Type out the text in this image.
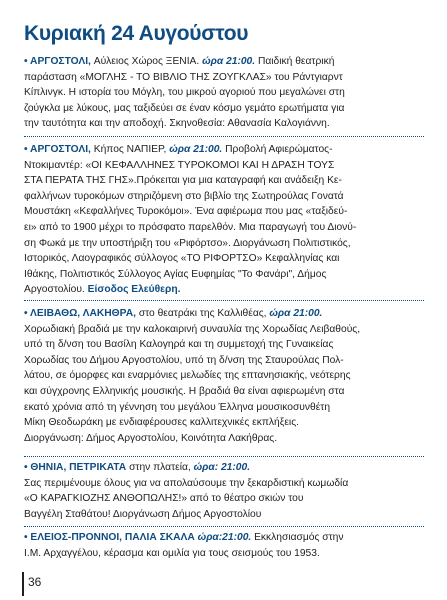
Κυριακή 24 Αυγούστου
• ΑΡΓΟΣΤΟΛΙ, Αύλειος Χώρος ΞΕΝΙΑ. ώρα 21:00. Παιδική θεατρική
παράσταση «ΜΟΓΛΗΣ - ΤΟ ΒΙΒΛΙΟ ΤΗΣ ΖΟΥΓΚΛΑΣ» του Ράντγιαρντ
Κίπλινγκ. Η ιστορία του Μόγλη, του μικρού αγοριού που μεγαλώνει στη
ζούγκλα με λύκους, μας ταξιδεύει σε έναν κόσμο γεμάτο ερωτήματα για
την ταυτότητα και την αποδοχή. Σκηνοθεσία: Αθανασία Καλογιάννη.
• ΑΡΓΟΣΤΟΛΙ, Κήπος ΝΑΠΙΕΡ, ώρα 21:00. Προβολή Αφιερώματος-
Ντοκιμαντέρ: «ΟΙ ΚΕΦΑΛΛΗΝΕΣ ΤΥΡΟΚΟΜΟΙ ΚΑΙ Η ΔΡΑΣΗ ΤΟΥΣ
ΣΤΑ ΠΕΡΑΤΑ ΤΗΣ ΓΗΣ».Πρόκειται για μια καταγραφή και ανάδειξη Κε-
φαλλήνων τυροκόμων στηριζόμενη στο βιβλίο της Σωτηρούλας Γονατά
Μουστάκη «Κεφαλλήνες Τυροκόμοι». Ένα αφιέρωμα που μας «ταξιδεύ-
ει» από το 1900 μέχρι το πρόσφατο παρελθόν. Μια παραγωγή του Διονύ-
ση Φωκά με την υποστήριξη του «Ριφόρτσο». Διοργάνωση Πολιτιστικός,
Ιστορικός, Λαογραφικός σύλλογος «ΤΟ ΡΙΦΟΡΤΣΟ» Κεφαλληνίας και
Ιθάκης, Πολιτιστικός Σύλλογος Αγίας Ευφημίας "Το Φανάρι", Δήμος
Αργοστολίου. Είσοδος Ελεύθερη.
• ΛΕΙΒΑΘΩ, ΛΑΚΗΘΡΑ, στο θεατράκι της Καλλιθέας, ώρα 21:00.
Χορωδιακή βραδιά με την καλοκαιρινή συναυλία της Χορωδίας Λειβαθούς,
υπό τη δ/νση του Βασίλη Καλογηρά και τη συμμετοχή της Γυναικείας
Χορωδίας του Δήμου Αργοστολίου, υπό τη δ/νση της Σταυρούλας Πολ-
λάτου, σε όμορφες και εναρμόνιες μελωδίες της επτανησιακής, νεότερης
και σύγχρονης Ελληνικής μουσικής. Η βραδιά θα είναι αφιερωμένη στα
εκατό χρόνια από τη γέννηση του μεγάλου Έλληνα μουσικοσυνθέτη
Μίκη Θεοδωράκη με ενδιαφέρουσες καλλιτεχνικές εκπλήξεις.
Διοργάνωση: Δήμος Αργοστολίου, Κοινότητα Λακήθρας.
• ΘΗΝΙΑ, ΠΕΤΡΙΚΑΤΑ στην πλατεία, ώρα: 21:00.
Σας περιμένουμε όλους για να απολαύσουμε την ξεκαρδιστική κωμωδία
«Ο ΚΑΡΑΓΚΙΟΖΗΣ ΑΝΘΟΠΩΛΗΣ!» από το θέατρο σκιών του
Βαγγέλη Σταθάτου! Διοργάνωση Δήμος Αργοστολίου
• ΕΛΕΙΟΣ-ΠΡΟΝΝΟΙ, ΠΑΛΙΑ ΣΚΑΛΑ ώρα:21:00. Εκκλησιασμός στην
Ι.Μ. Αρχαγγέλου, κέρασμα και ομιλία για τους σεισμούς του 1953.
36
